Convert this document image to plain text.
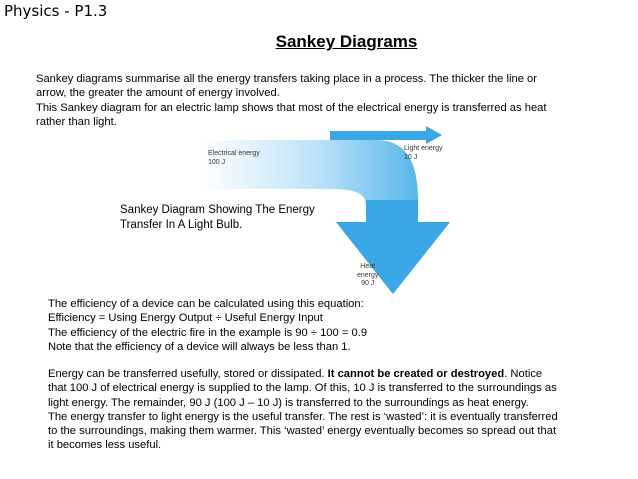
Physics - P1.3
Sankey Diagrams
Sankey diagrams summarise all the energy transfers taking place in a process. The thicker the line or
arrow, the greater the amount of energy involved.
This Sankey diagram for an electric lamp shows that most of the electrical energy is transferred as heat
rather than light.
Electrical energy
100 J
Light energy
10 J
Heat
energy
90 J
Sankey Diagram Showing The Energy
Transfer In A Light Bulb.
The efficiency of a device can be calculated using this equation:
Efficiency = Using Energy Output ÷ Useful Energy Input
The efficiency of the electric fire in the example is 90 ÷ 100 = 0.9
Note that the efficiency of a device will always be less than 1.
Energy can be transferred usefully, stored or dissipated. It cannot be created or destroyed. Notice
that 100 J of electrical energy is supplied to the lamp. Of this, 10 J is transferred to the surroundings as
light energy. The remainder, 90 J (100 J – 10 J) is transferred to the surroundings as heat energy.
The energy transfer to light energy is the useful transfer. The rest is ‘wasted’: it is eventually transferred
to the surroundings, making them warmer. This ‘wasted’ energy eventually becomes so spread out that
it becomes less useful.
